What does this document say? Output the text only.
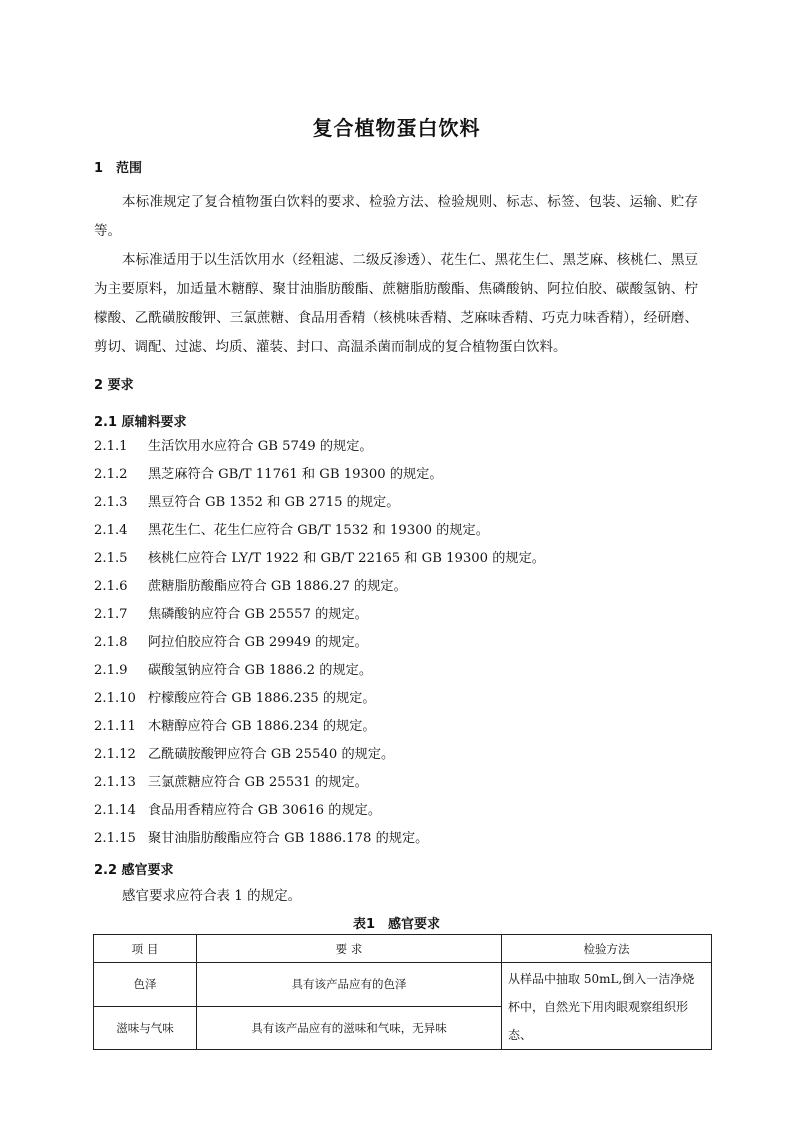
复合植物蛋白饮料
1 范围

本标准规定了复合植物蛋白饮料的要求、检验方法、检验规则、标志、标签、包装、运输、贮存等。

本标准适用于以生活饮用水（经粗滤、二级反渗透）、花生仁、黑花生仁、黑芝麻、核桃仁、黑豆为主要原料，加适量木糖醇、聚甘油脂肪酸酯、蔗糖脂肪酸酯、焦磷酸钠、阿拉伯胶、碳酸氢钠、柠檬酸、乙酰磺胺酸钾、三氯蔗糖、食品用香精（核桃味香精、芝麻味香精、巧克力味香精），经研磨、剪切、调配、过滤、均质、灌装、封口、高温杀菌而制成的复合植物蛋白饮料。

2 要求
2.1 原辅料要求
2.1.1 生活饮用水应符合 GB 5749 的规定。
2.1.2 黑芝麻符合 GB/T 11761 和 GB 19300 的规定。
2.1.3 黑豆符合 GB 1352 和 GB 2715 的规定。
2.1.4 黑花生仁、花生仁应符合 GB/T 1532 和 19300 的规定。
2.1.5 核桃仁应符合 LY/T 1922 和 GB/T 22165 和 GB 19300 的规定。
2.1.6 蔗糖脂肪酸酯应符合 GB 1886.27 的规定。
2.1.7 焦磷酸钠应符合 GB 25557 的规定。
2.1.8 阿拉伯胶应符合 GB 29949 的规定。
2.1.9 碳酸氢钠应符合 GB 1886.2 的规定。
2.1.10 柠檬酸应符合 GB 1886.235 的规定。
2.1.11 木糖醇应符合 GB 1886.234 的规定。
2.1.12 乙酰磺胺酸钾应符合 GB 25540 的规定。
2.1.13 三氯蔗糖应符合 GB 25531 的规定。
2.1.14 食品用香精应符合 GB 30616 的规定。
2.1.15 聚甘油脂肪酸酯应符合 GB 1886.178 的规定。
2.2 感官要求
感官要求应符合表 1 的规定。
表1　感官要求
项 目	要 求	检验方法
色泽	具有该产品应有的色泽	从样品中抽取 50mL,倒入一洁净烧杯中，自然光下用肉眼观察组织形态、
滋味与气味	具有该产品应有的滋味和气味，无异味	
